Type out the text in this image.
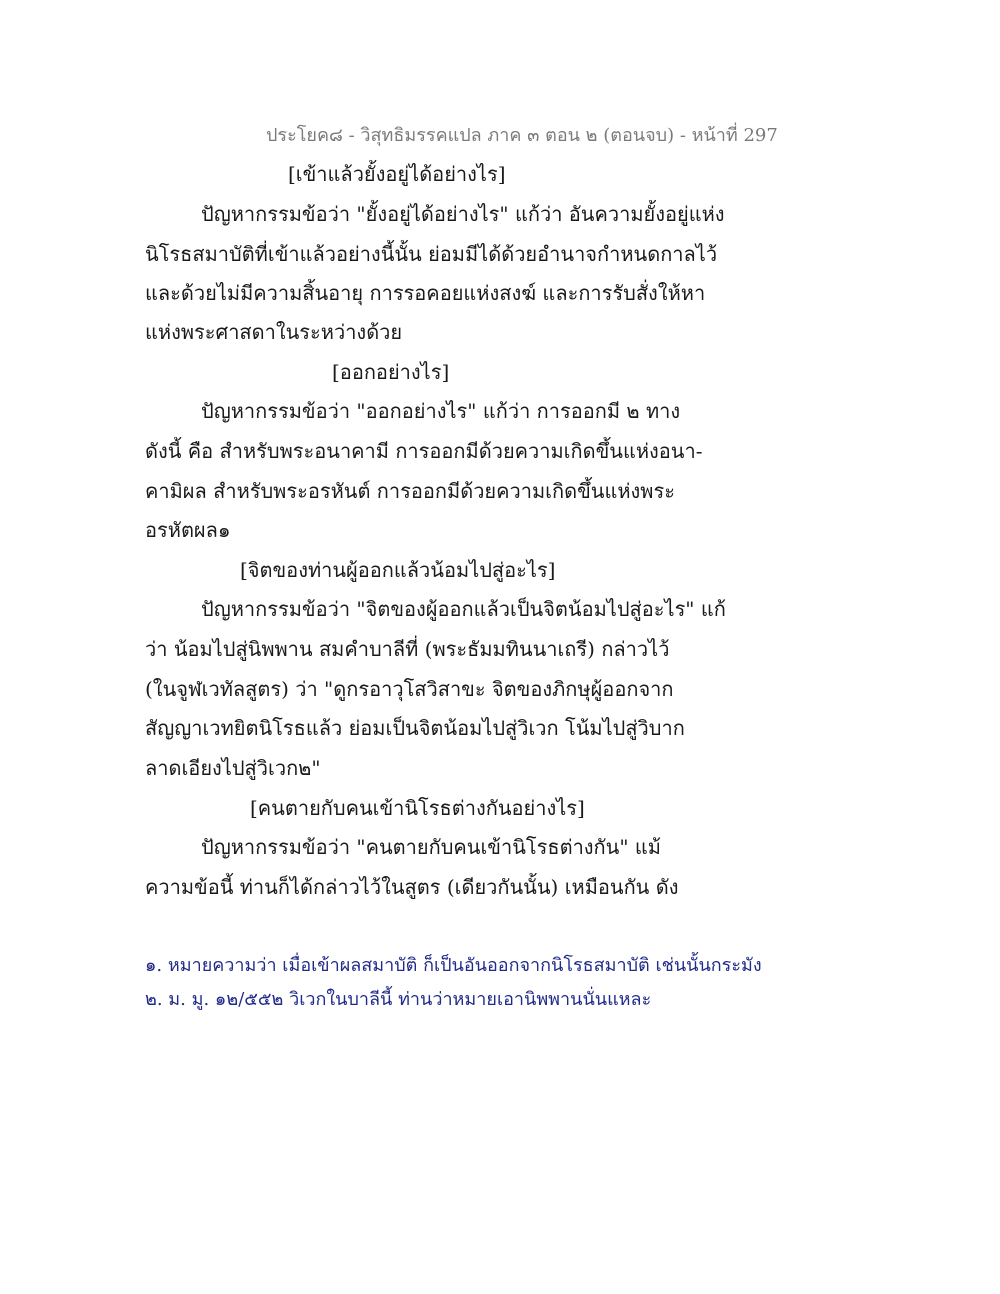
ประโยค๘ - วิสุทธิมรรคแปล ภาค ๓ ตอน ๒ (ตอนจบ) - หน้าที่ 297
[เข้าแล้วยั้งอยู่ได้อย่างไร]
ปัญหากรรมข้อว่า "ยั้งอยู่ได้อย่างไร" แก้ว่า อันความยั้งอยู่แห่ง
นิโรธสมาบัติที่เข้าแล้วอย่างนี้นั้น ย่อมมีได้ด้วยอำนาจกำหนดกาลไว้
และด้วยไม่มีความสิ้นอายุ การรอคอยแห่งสงฆ์ และการรับสั่งให้หา
แห่งพระศาสดาในระหว่างด้วย
[ออกอย่างไร]
ปัญหากรรมข้อว่า "ออกอย่างไร" แก้ว่า การออกมี ๒ ทาง
ดังนี้ คือ สำหรับพระอนาคามี การออกมีด้วยความเกิดขึ้นแห่งอนา-
คามิผล สำหรับพระอรหันต์ การออกมีด้วยความเกิดขึ้นแห่งพระ
อรหัตผล๑
[จิตของท่านผู้ออกแล้วน้อมไปสู่อะไร]
ปัญหากรรมข้อว่า "จิตของผู้ออกแล้วเป็นจิตน้อมไปสู่อะไร" แก้
ว่า น้อมไปสู่นิพพาน สมคำบาลีที่ (พระธัมมทินนาเถรี) กล่าวไว้
(ในจูฬเวทัลสูตร) ว่า "ดูกรอาวุโสวิสาขะ จิตของภิกษุผู้ออกจาก
สัญญาเวทยิตนิโรธแล้ว ย่อมเป็นจิตน้อมไปสู่วิเวก โน้มไปสู่วิบาก
ลาดเอียงไปสู่วิเวก๒"
[คนตายกับคนเข้านิโรธต่างกันอย่างไร]
ปัญหากรรมข้อว่า "คนตายกับคนเข้านิโรธต่างกัน" แม้
ความข้อนี้ ท่านก็ได้กล่าวไว้ในสูตร (เดียวกันนั้น) เหมือนกัน ดัง
๑. หมายความว่า เมื่อเข้าผลสมาบัติ ก็เป็นอันออกจากนิโรธสมาบัติ เช่นนั้นกระมัง
๒. ม. มู. ๑๒/๕๕๒ วิเวกในบาลีนี้ ท่านว่าหมายเอานิพพานนั่นแหละ
